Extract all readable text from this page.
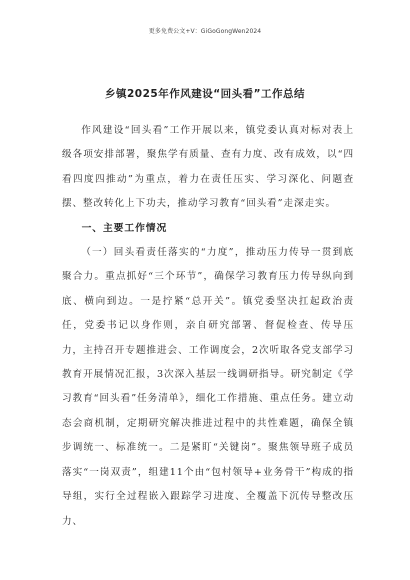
更多免费公文+V：GiGoGongWen2024
乡镇2025年作风建设“回头看”工作总结

作风建设“回头看”工作开展以来，镇党委认真对标对表上级各项安排部署，聚焦学有质量、查有力度、改有成效，以“四看四度四推动”为重点，着力在责任压实、学习深化、问题查摆、整改转化上下功夫，推动学习教育“回头看”走深走实。

一、主要工作情况

（一）回头看责任落实的“力度”，推动压力传导一贯到底聚合力。重点抓好“三个环节”，确保学习教育压力传导纵向到底、横向到边。一是拧紧“总开关”。镇党委坚决扛起政治责任，党委书记以身作则，亲自研究部署、督促检查、传导压力，主持召开专题推进会、工作调度会，2次听取各党支部学习教育开展情况汇报，3次深入基层一线调研指导。研究制定《学习教育“回头看”任务清单》，细化工作措施、重点任务。建立动态会商机制，定期研究解决推进过程中的共性难题，确保全镇步调统一、标准统一。二是紧盯“关键岗”。聚焦领导班子成员落实“一岗双责”，组建11个由“包村领导+业务骨干”构成的指导组，实行全过程嵌入跟踪学习进度、全覆盖下沉传导整改压力、
